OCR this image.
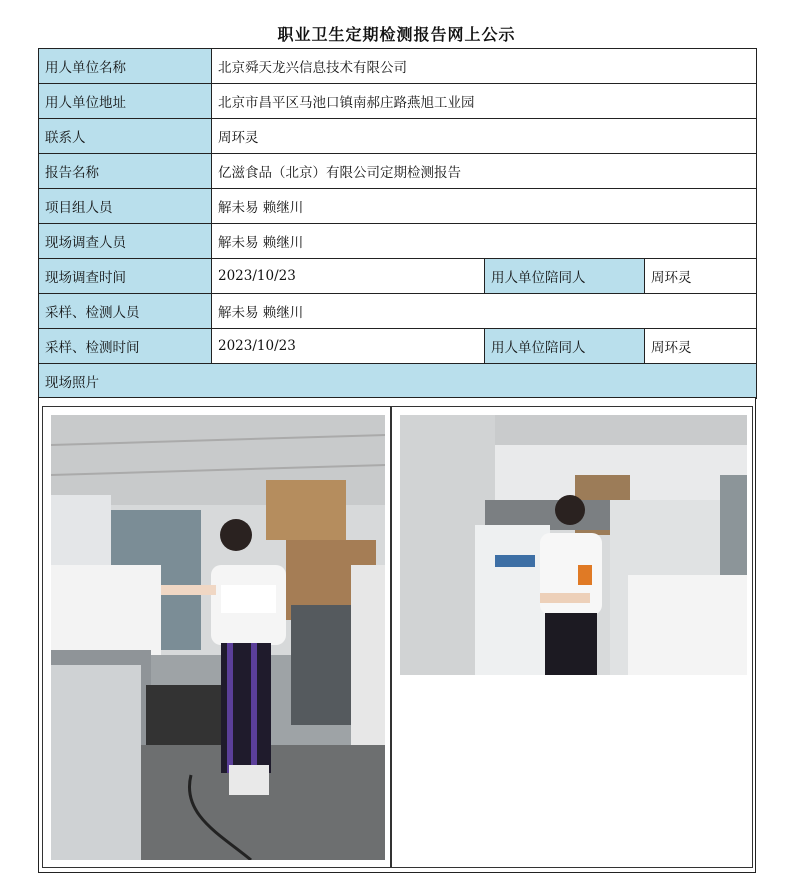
职业卫生定期检测报告网上公示
用人单位名称	北京舜天龙兴信息技术有限公司		
用人单位地址	北京市昌平区马池口镇南郝庄路燕旭工业园		
联系人	周环灵		
报告名称	亿滋食品（北京）有限公司定期检测报告		
项目组人员	解未易 赖继川		
现场调查人员	解未易 赖继川		
现场调查时间	2023/10/23	用人单位陪同人	周环灵
采样、检测人员	解未易 赖继川		
采样、检测时间	2023/10/23	用人单位陪同人	周环灵
现场照片			
